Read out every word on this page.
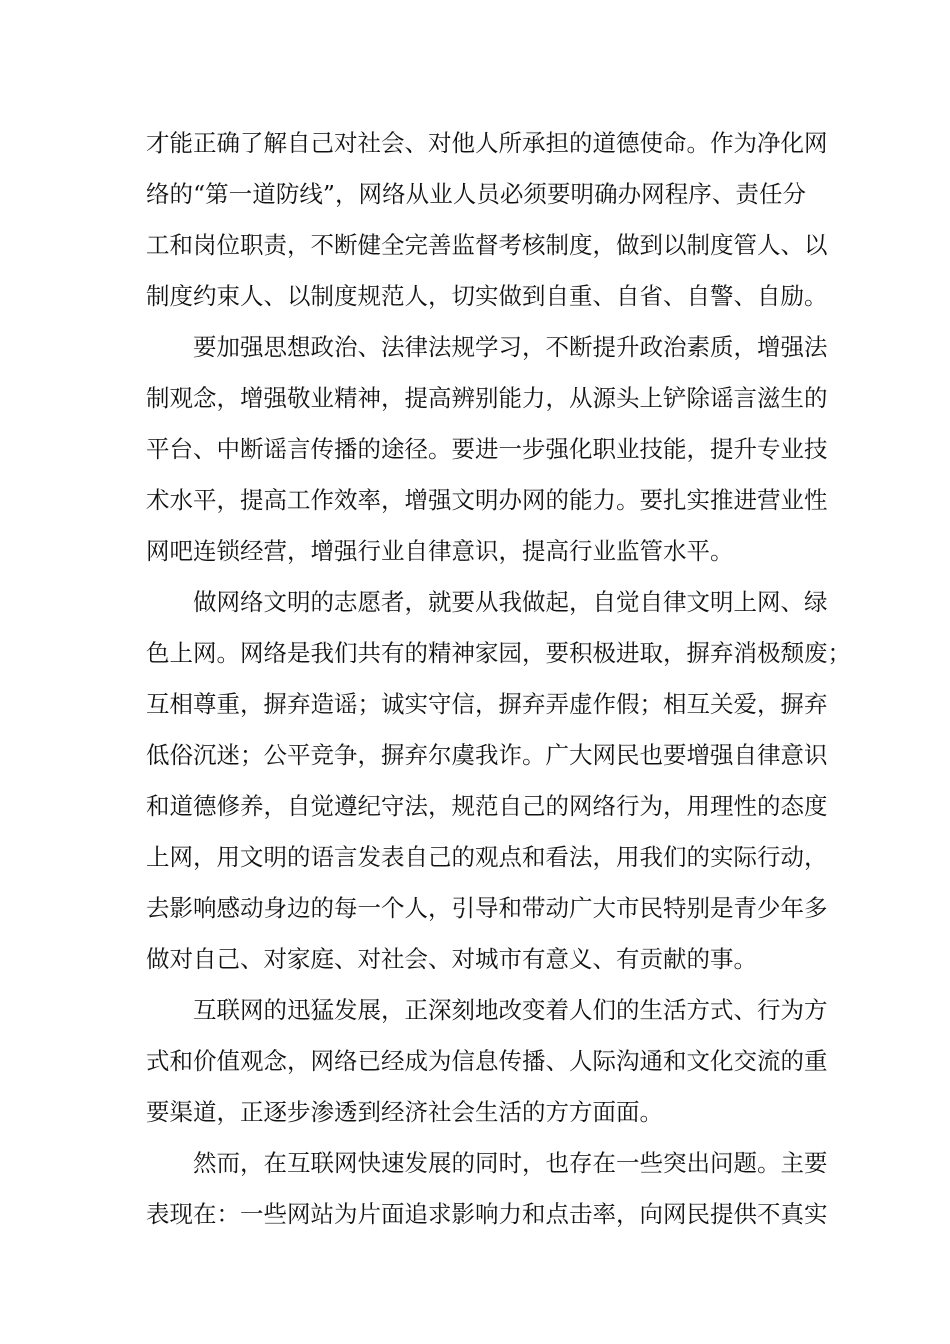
才能正确了解自己对社会、对他人所承担的道德使命。作为净化网
络的“第一道防线”，网络从业人员必须要明确办网程序、责任分
工和岗位职责，不断健全完善监督考核制度，做到以制度管人、以
制度约束人、以制度规范人，切实做到自重、自省、自警、自励。
要加强思想政治、法律法规学习，不断提升政治素质，增强法
制观念，增强敬业精神，提高辨别能力，从源头上铲除谣言滋生的
平台、中断谣言传播的途径。要进一步强化职业技能，提升专业技
术水平，提高工作效率，增强文明办网的能力。要扎实推进营业性
网吧连锁经营，增强行业自律意识，提高行业监管水平。
做网络文明的志愿者，就要从我做起，自觉自律文明上网、绿
色上网。网络是我们共有的精神家园，要积极进取，摒弃消极颓废；
互相尊重，摒弃造谣；诚实守信，摒弃弄虚作假；相互关爱，摒弃
低俗沉迷；公平竞争，摒弃尔虞我诈。广大网民也要增强自律意识
和道德修养，自觉遵纪守法，规范自己的网络行为，用理性的态度
上网，用文明的语言发表自己的观点和看法，用我们的实际行动，
去影响感动身边的每一个人，引导和带动广大市民特别是青少年多
做对自己、对家庭、对社会、对城市有意义、有贡献的事。
互联网的迅猛发展，正深刻地改变着人们的生活方式、行为方
式和价值观念，网络已经成为信息传播、人际沟通和文化交流的重
要渠道，正逐步渗透到经济社会生活的方方面面。
然而，在互联网快速发展的同时，也存在一些突出问题。主要
表现在：一些网站为片面追求影响力和点击率，向网民提供不真实
